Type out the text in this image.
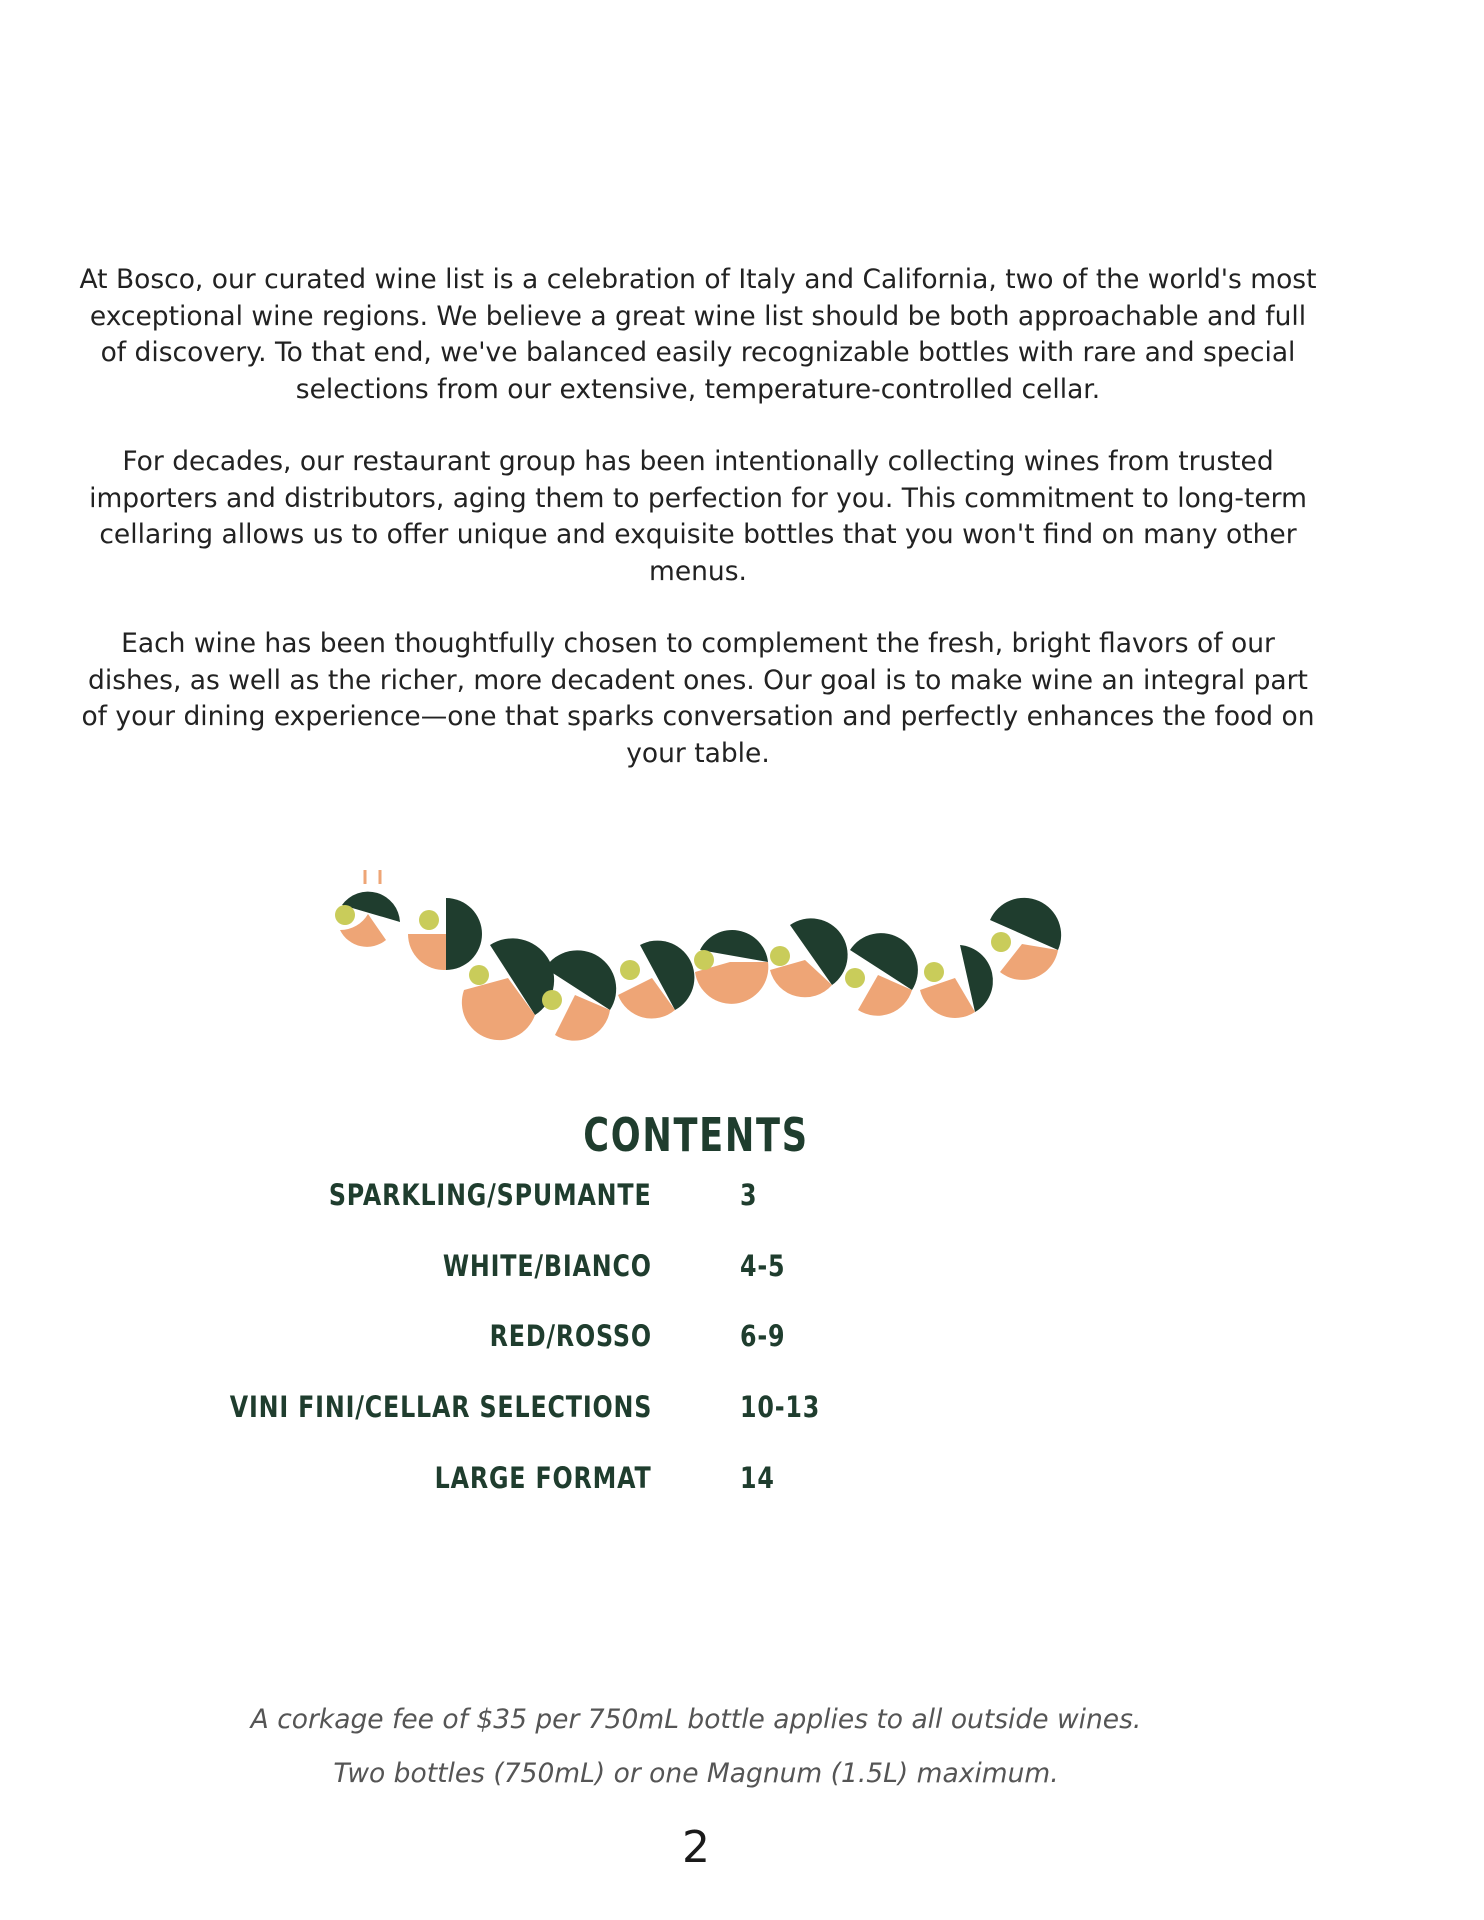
At Bosco, our curated wine list is a celebration of Italy and California, two of the world's most exceptional wine regions. We believe a great wine list should be both approachable and full of discovery. To that end, we've balanced easily recognizable bottles with rare and special selections from our extensive, temperature-controlled cellar.

For decades, our restaurant group has been intentionally collecting wines from trusted importers and distributors, aging them to perfection for you. This commitment to long-term cellaring allows us to offer unique and exquisite bottles that you won't find on many other menus.

Each wine has been thoughtfully chosen to complement the fresh, bright flavors of our dishes, as well as the richer, more decadent ones. Our goal is to make wine an integral part of your dining experience—one that sparks conversation and perfectly enhances the food on your table.

CONTENTS
SPARKLING/SPUMANTE	3
WHITE/BIANCO	4-5
RED/ROSSO	6-9
VINI FINI/CELLAR SELECTIONS	10-13
LARGE FORMAT	14
A corkage fee of $35 per 750mL bottle applies to all outside wines.
Two bottles (750mL) or one Magnum (1.5L) maximum.
2
